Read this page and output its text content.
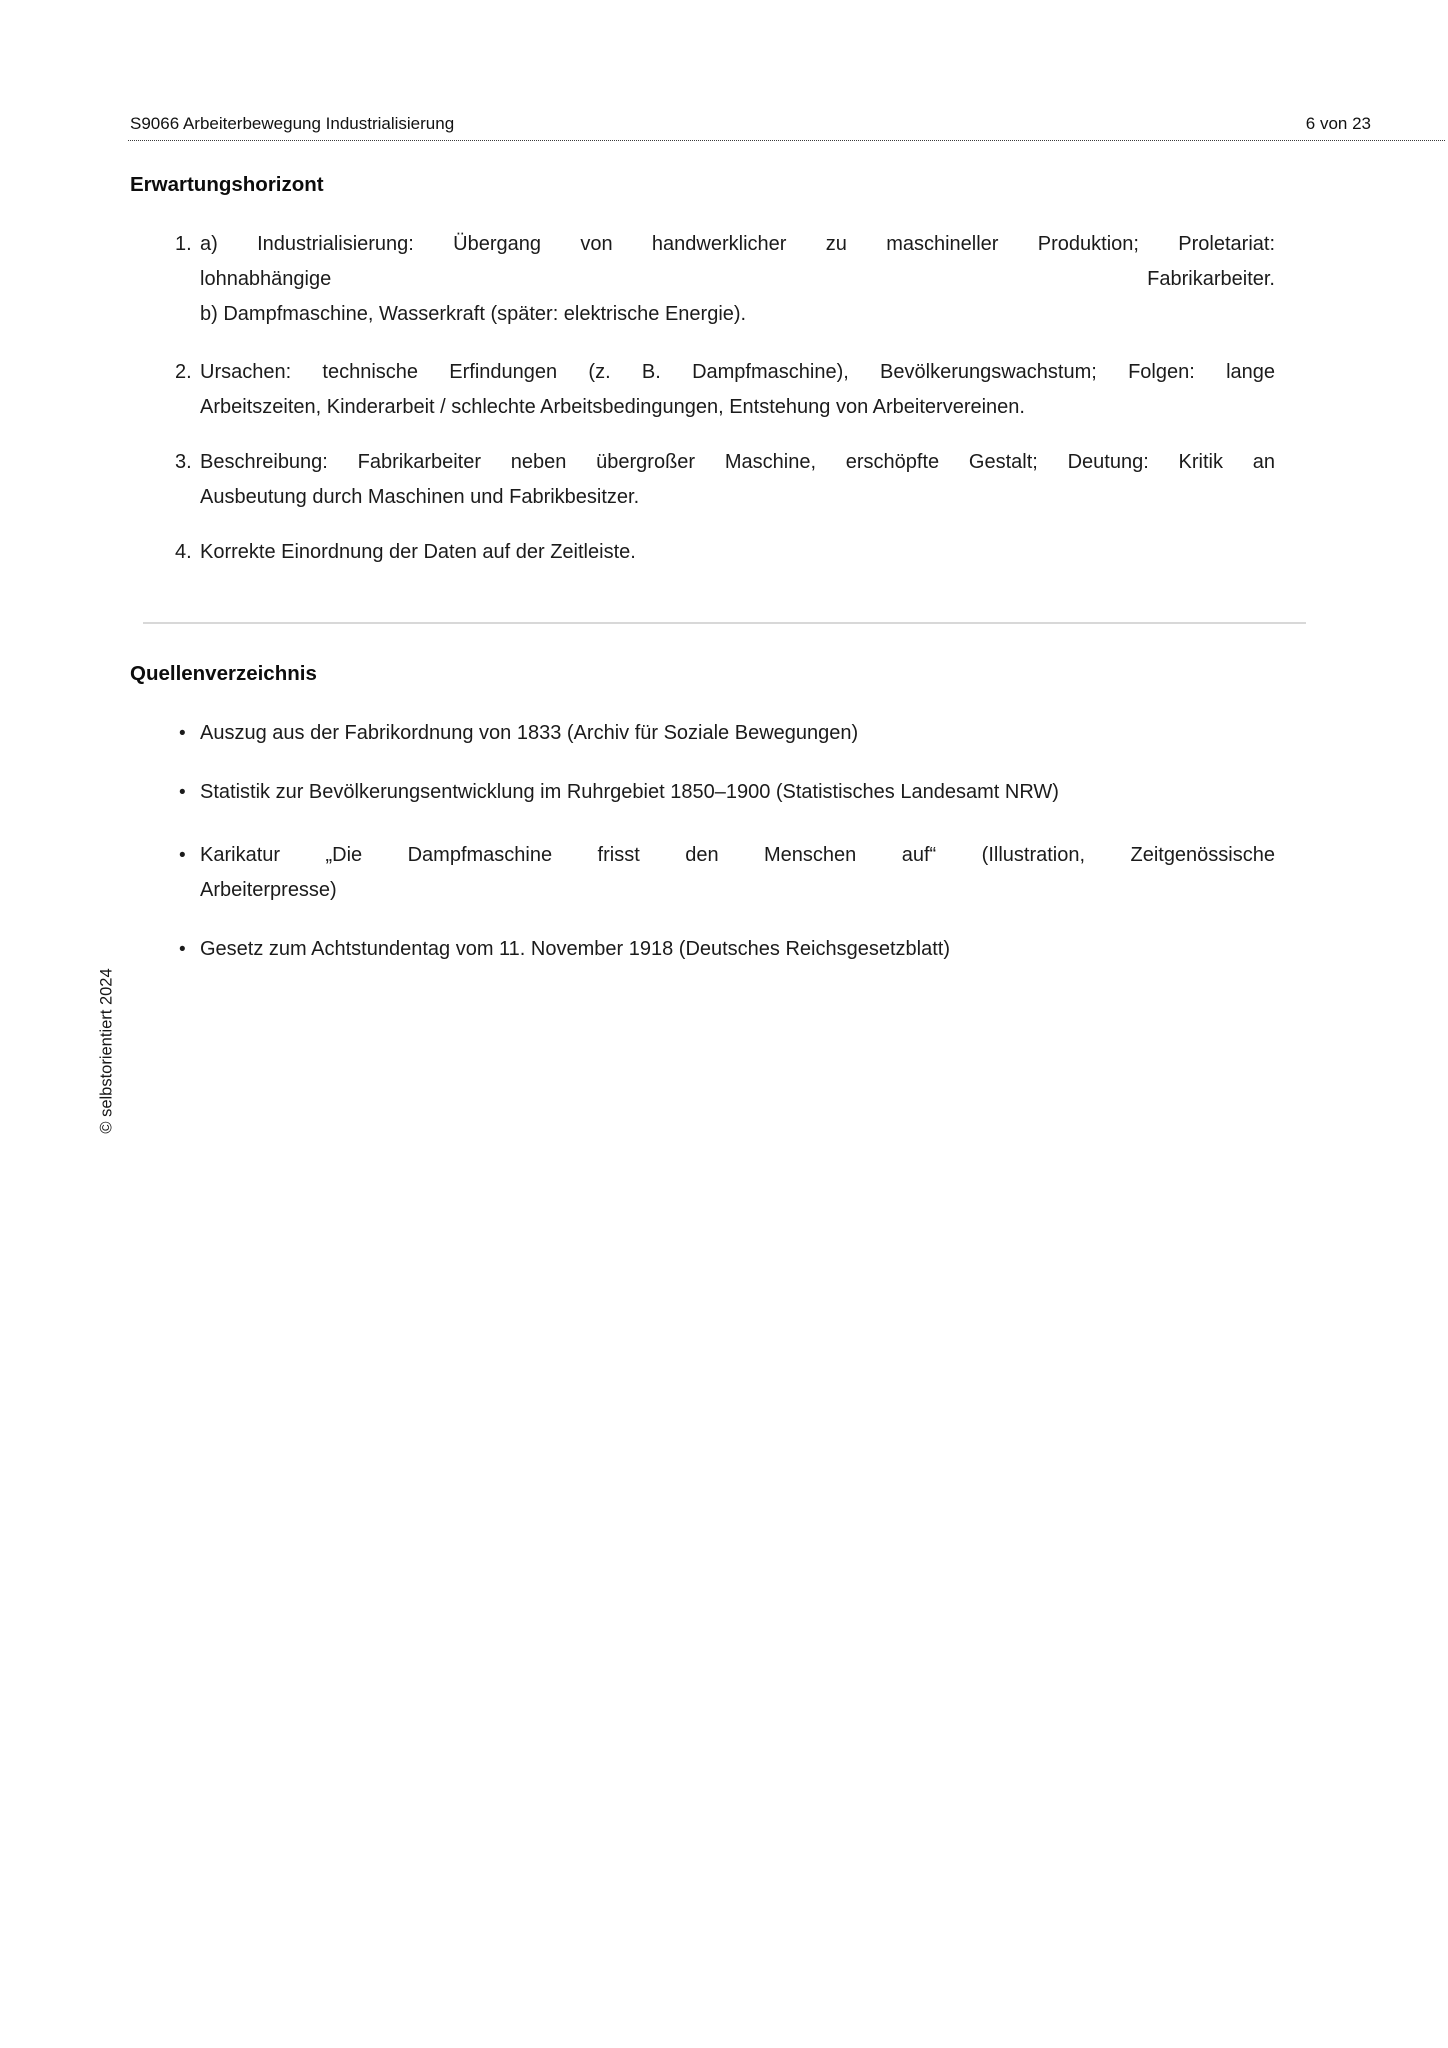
S9066 Arbeiterbewegung Industrialisierung	6 von 23
Erwartungshorizont
1. a) Industrialisierung: Übergang von handwerklicher zu maschineller Produktion; Proletariat:
lohnabhängige Fabrikarbeiter.
b) Dampfmaschine, Wasserkraft (später: elektrische Energie).
2. Ursachen: technische Erfindungen (z. B. Dampfmaschine), Bevölkerungswachstum; Folgen: lange
Arbeitszeiten, Kinderarbeit / schlechte Arbeitsbedingungen, Entstehung von Arbeitervereinen.
3. Beschreibung: Fabrikarbeiter neben übergroßer Maschine, erschöpfte Gestalt; Deutung: Kritik an
Ausbeutung durch Maschinen und Fabrikbesitzer.
4. Korrekte Einordnung der Daten auf der Zeitleiste.
Quellenverzeichnis
• Auszug aus der Fabrikordnung von 1833 (Archiv für Soziale Bewegungen)
• Statistik zur Bevölkerungsentwicklung im Ruhrgebiet 1850–1900 (Statistisches Landesamt NRW)
• Karikatur „Die Dampfmaschine frisst den Menschen auf“ (Illustration, Zeitgenössische
Arbeiterpresse)
• Gesetz zum Achtstundentag vom 11. November 1918 (Deutsches Reichsgesetzblatt)
© selbstorientiert 2024
